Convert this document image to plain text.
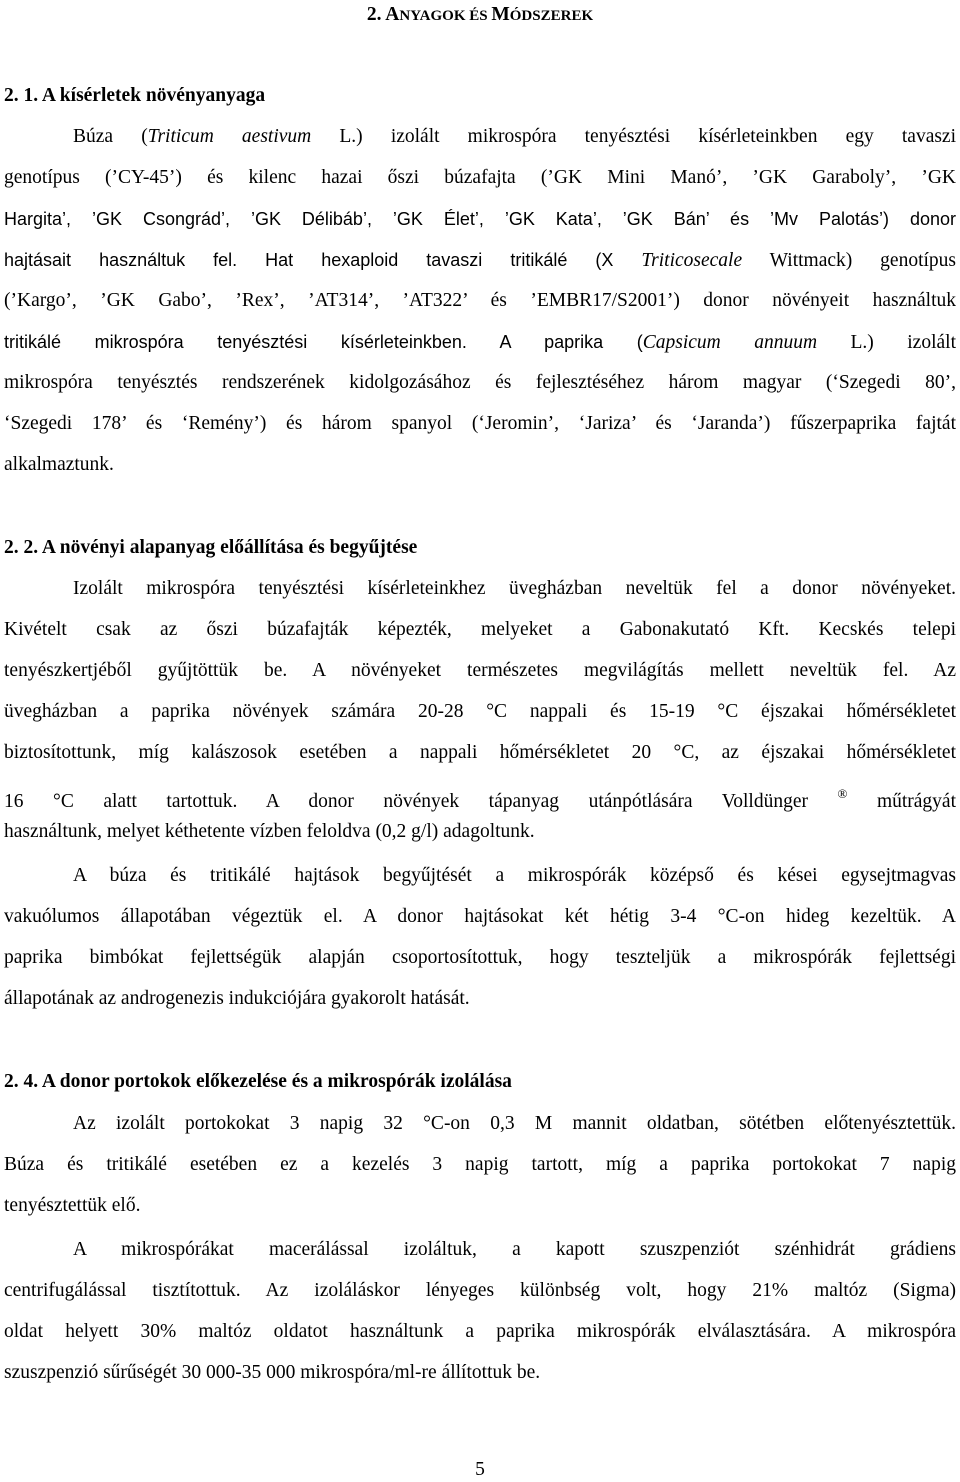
2. ANYAGOK ÉS MÓDSZEREK
2. 1. A kísérletek növényanyaga
Búza (Triticum aestivum L.) izolált mikrospóra tenyésztési kísérleteinkben egy tavaszi
genotípus (’CY-45’) és kilenc hazai őszi búzafajta (’GK Mini Manó’, ’GK Garaboly’, ’GK
Hargita’, ’GK Csongrád’, ’GK Délibáb’, ’GK Élet’, ’GK Kata’, ’GK Bán’ és ’Mv Palotás’) donor
hajtásait használtuk fel. Hat hexaploid tavaszi tritikálé (X Triticosecale Wittmack) genotípus
(’Kargo’, ’GK Gabo’, ’Rex’, ’AT314’, ’AT322’ és ’EMBR17/S2001’) donor növényeit használtuk
tritikálé mikrospóra tenyésztési kísérleteinkben. A paprika (Capsicum annuum L.) izolált
mikrospóra tenyésztés rendszerének kidolgozásához és fejlesztéséhez három magyar (‘Szegedi 80’,
‘Szegedi 178’ és ‘Remény’) és három spanyol (‘Jeromin’, ‘Jariza’ és ‘Jaranda’) fűszerpaprika fajtát
alkalmaztunk.
2. 2. A növényi alapanyag előállítása és begyűjtése
Izolált mikrospóra tenyésztési kísérleteinkhez üvegházban neveltük fel a donor növényeket.
Kivételt csak az őszi búzafajták képezték, melyeket a Gabonakutató Kft. Kecskés telepi
tenyészkertjéből gyűjtöttük be. A növényeket természetes megvilágítás mellett neveltük fel. Az
üvegházban a paprika növények számára 20-28 °C nappali és 15-19 °C éjszakai hőmérsékletet
biztosítottunk, míg kalászosok esetében a nappali hőmérsékletet 20 °C, az éjszakai hőmérsékletet
16 °C alatt tartottuk. A donor növények tápanyag utánpótlására Volldünger ® műtrágyát
használtunk, melyet kéthetente vízben feloldva (0,2 g/l) adagoltunk.
A búza és tritikálé hajtások begyűjtését a mikrospórák középső és kései egysejtmagvas
vakuólumos állapotában végeztük el. A donor hajtásokat két hétig 3-4 °C-on hideg kezeltük. A
paprika bimbókat fejlettségük alapján csoportosítottuk, hogy teszteljük a mikrospórák fejlettségi
állapotának az androgenezis indukciójára gyakorolt hatását.
2. 4. A donor portokok előkezelése és a mikrospórák izolálása
Az izolált portokokat 3 napig 32 °C-on 0,3 M mannit oldatban, sötétben előtenyésztettük.
Búza és tritikálé esetében ez a kezelés 3 napig tartott, míg a paprika portokokat 7 napig
tenyésztettük elő.
A mikrospórákat macerálással izoláltuk, a kapott szuszpenziót szénhidrát grádiens
centrifugálással tisztítottuk. Az izoláláskor lényeges különbség volt, hogy 21% maltóz (Sigma)
oldat helyett 30% maltóz oldatot használtunk a paprika mikrospórák elválasztására. A mikrospóra
szuszpenzió sűrűségét 30 000-35 000 mikrospóra/ml-re állítottuk be.
5
